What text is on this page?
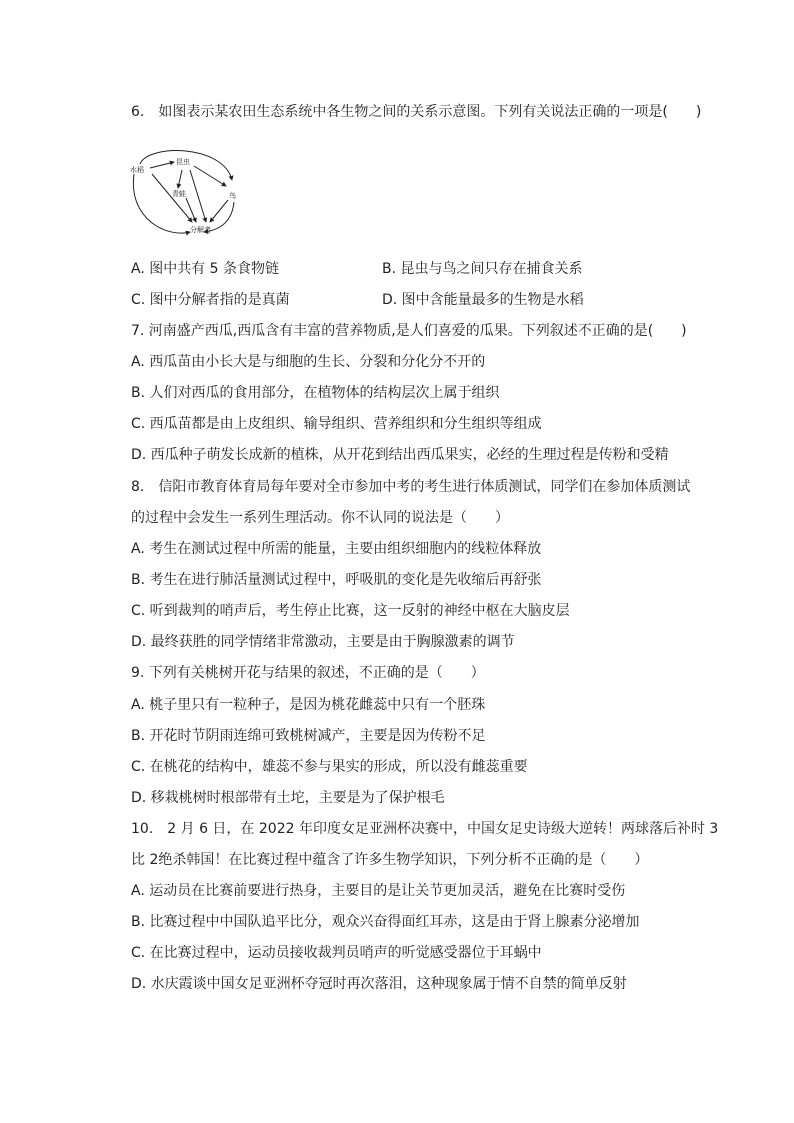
6.　如图表示某农田生态系统中各生物之间的关系示意图。下列有关说法正确的一项是(　　)
水稻
昆虫
青蛙	鸟
分解者
A. 图中共有 5 条食物链	B. 昆虫与鸟之间只存在捕食关系
C. 图中分解者指的是真菌	D. 图中含能量最多的生物是水稻
7. 河南盛产西瓜,西瓜含有丰富的营养物质,是人们喜爱的瓜果。下列叙述不正确的是(　　)
A. 西瓜苗由小长大是与细胞的生长、分裂和分化分不开的
B. 人们对西瓜的食用部分，在植物体的结构层次上属于组织
C. 西瓜苗都是由上皮组织、输导组织、营养组织和分生组织等组成
D. 西瓜种子萌发长成新的植株，从开花到结出西瓜果实，必经的生理过程是传粉和受精
8.　信阳市教育体育局每年要对全市参加中考的考生进行体质测试，同学们在参加体质测试
的过程中会发生一系列生理活动。你不认同的说法是（　　）
A. 考生在测试过程中所需的能量，主要由组织细胞内的线粒体释放
B. 考生在进行肺活量测试过程中，呼吸肌的变化是先收缩后再舒张
C. 听到裁判的哨声后，考生停止比赛，这一反射的神经中枢在大脑皮层
D. 最终获胜的同学情绪非常激动，主要是由于胸腺激素的调节
9. 下列有关桃树开花与结果的叙述，不正确的是（　　）
A. 桃子里只有一粒种子，是因为桃花雌蕊中只有一个胚珠
B. 开花时节阴雨连绵可致桃树减产，主要是因为传粉不足
C. 在桃花的结构中，雄蕊不参与果实的形成，所以没有雌蕊重要
D. 移栽桃树时根部带有土坨，主要是为了保护根毛
10.　2 月 6 日，在 2022 年印度女足亚洲杯决赛中，中国女足史诗级大逆转！两球落后补时 3
比 2绝杀韩国！在比赛过程中蕴含了许多生物学知识，下列分析不正确的是（　　）
A. 运动员在比赛前要进行热身，主要目的是让关节更加灵活，避免在比赛时受伤
B. 比赛过程中中国队追平比分，观众兴奋得面红耳赤，这是由于肾上腺素分泌增加
C. 在比赛过程中，运动员接收裁判员哨声的听觉感受器位于耳蜗中
D. 水庆霞谈中国女足亚洲杯夺冠时再次落泪，这种现象属于情不自禁的简单反射
